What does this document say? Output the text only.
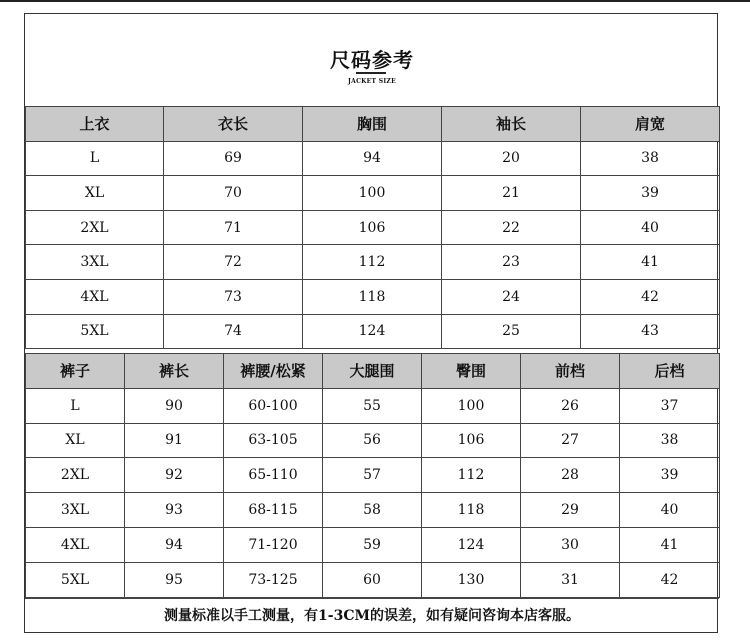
尺码参考
JACKET SIZE
上衣	衣长	胸围	袖长	肩宽
L	69	94	20	38
XL	70	100	21	39
2XL	71	106	22	40
3XL	72	112	23	41
4XL	73	118	24	42
5XL	74	124	25	43
裤子	裤长	裤腰/松紧	大腿围	臀围	前档	后档
L	90	60-100	55	100	26	37
XL	91	63-105	56	106	27	38
2XL	92	65-110	57	112	28	39
3XL	93	68-115	58	118	29	40
4XL	94	71-120	59	124	30	41
5XL	95	73-125	60	130	31	42
测量标准以手工测量，有1-3CM的误差，如有疑问咨询本店客服。
